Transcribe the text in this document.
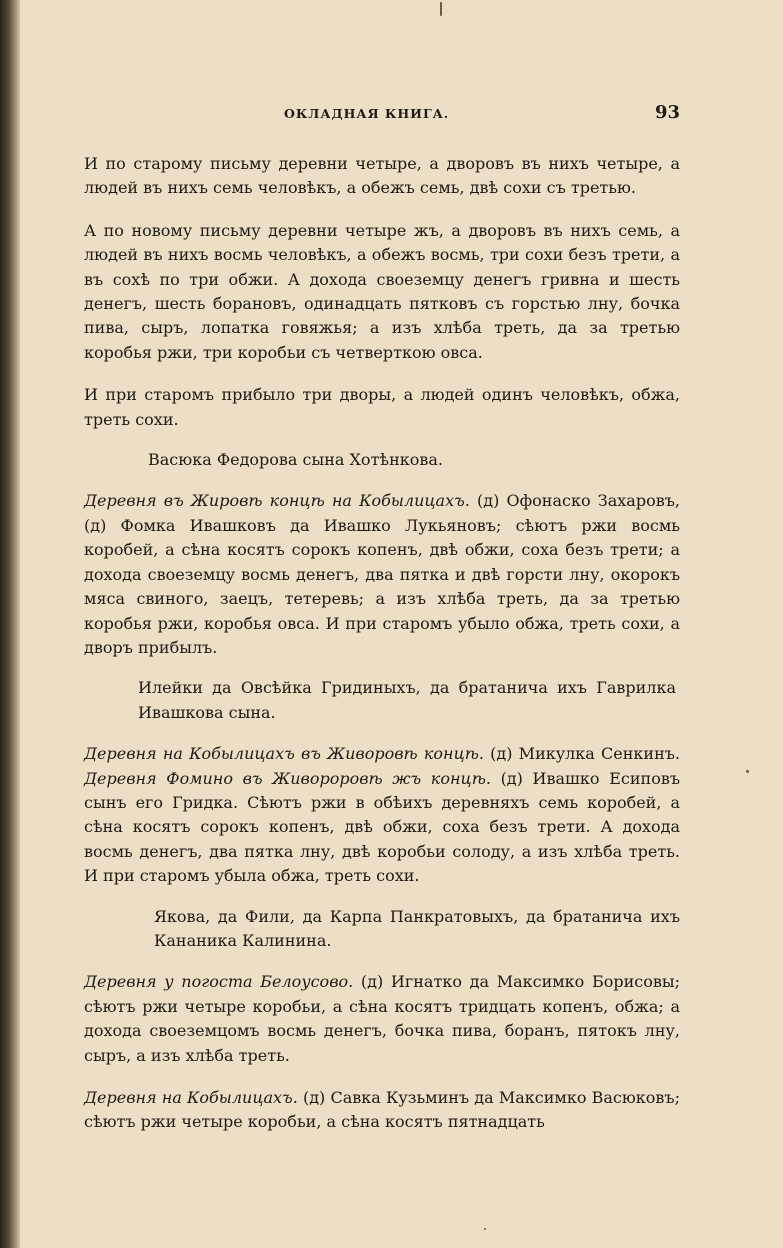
ОКЛАДНАЯ КНИГА.	93

И по старому письму деревни четыре, а дворовъ въ нихъ четыре, а людей въ нихъ семь человѣкъ, а обежъ семь, двѣ сохи съ третью.

А по новому письму деревни четыре жъ, а дворовъ въ нихъ семь, а людей въ нихъ восмь человѣкъ, а обежъ восмь, три сохи безъ трети, а въ сохѣ по три обжи. А дохода своеземцу денегъ гривна и шесть денегъ, шесть борановъ, одинадцать пятковъ съ горстью лну, бочка пива, сыръ, лопатка говяжья; а изъ хлѣба треть, да за третью коробья ржи, три коробьи съ четверткою овса.

И при старомъ прибыло три дворы, а людей одинъ человѣкъ, обжа, треть сохи.

Васюка Федорова сына Хотѣнкова.

Деревня въ Жировѣ концѣ на Кобылицахъ. (д) Офонаско Захаровъ, (д) Фомка Ивашковъ да Ивашко Лукьяновъ; сѣютъ ржи восмь коробей, а сѣна косятъ сорокъ копенъ, двѣ обжи, соха безъ трети; а дохода своеземцу восмь денегъ, два пятка и двѣ горсти лну, окорокъ мяса свиного, заецъ, тетеревь; а изъ хлѣба треть, да за третью коробья ржи, коробья овса. И при старомъ убыло обжа, треть сохи, а дворъ прибылъ.

Илейки да Овсѣйка Гридиныхъ, да братанича ихъ Гаврилка Ивашкова сына.

Деревня на Кобылицахъ въ Живоровѣ концѣ. (д) Микулка Сенкинъ. Деревня Фомино въ Живороровѣ жъ концѣ. (д) Ивашко Есиповъ сынъ его Гридка. Сѣютъ ржи в обѣихъ деревняхъ семь коробей, а сѣна косятъ сорокъ копенъ, двѣ обжи, соха безъ трети. А дохода восмь денегъ, два пятка лну, двѣ коробьи солоду, а изъ хлѣба треть. И при старомъ убыла обжа, треть сохи.

Якова, да Фили, да Карпа Панкратовыхъ, да братанича ихъ Кананика Калинина.

Деревня у погоста Белоусово. (д) Игнатко да Максимко Борисовы; сѣютъ ржи четыре коробьи, а сѣна косятъ тридцать копенъ, обжа; а дохода своеземцомъ восмь денегъ, бочка пива, боранъ, пятокъ лну, сыръ, а изъ хлѣба треть.

Деревня на Кобылицахъ. (д) Савка Кузьминъ да Максимко Васюковъ; сѣютъ ржи четыре коробьи, а сѣна косятъ пятнадцать
